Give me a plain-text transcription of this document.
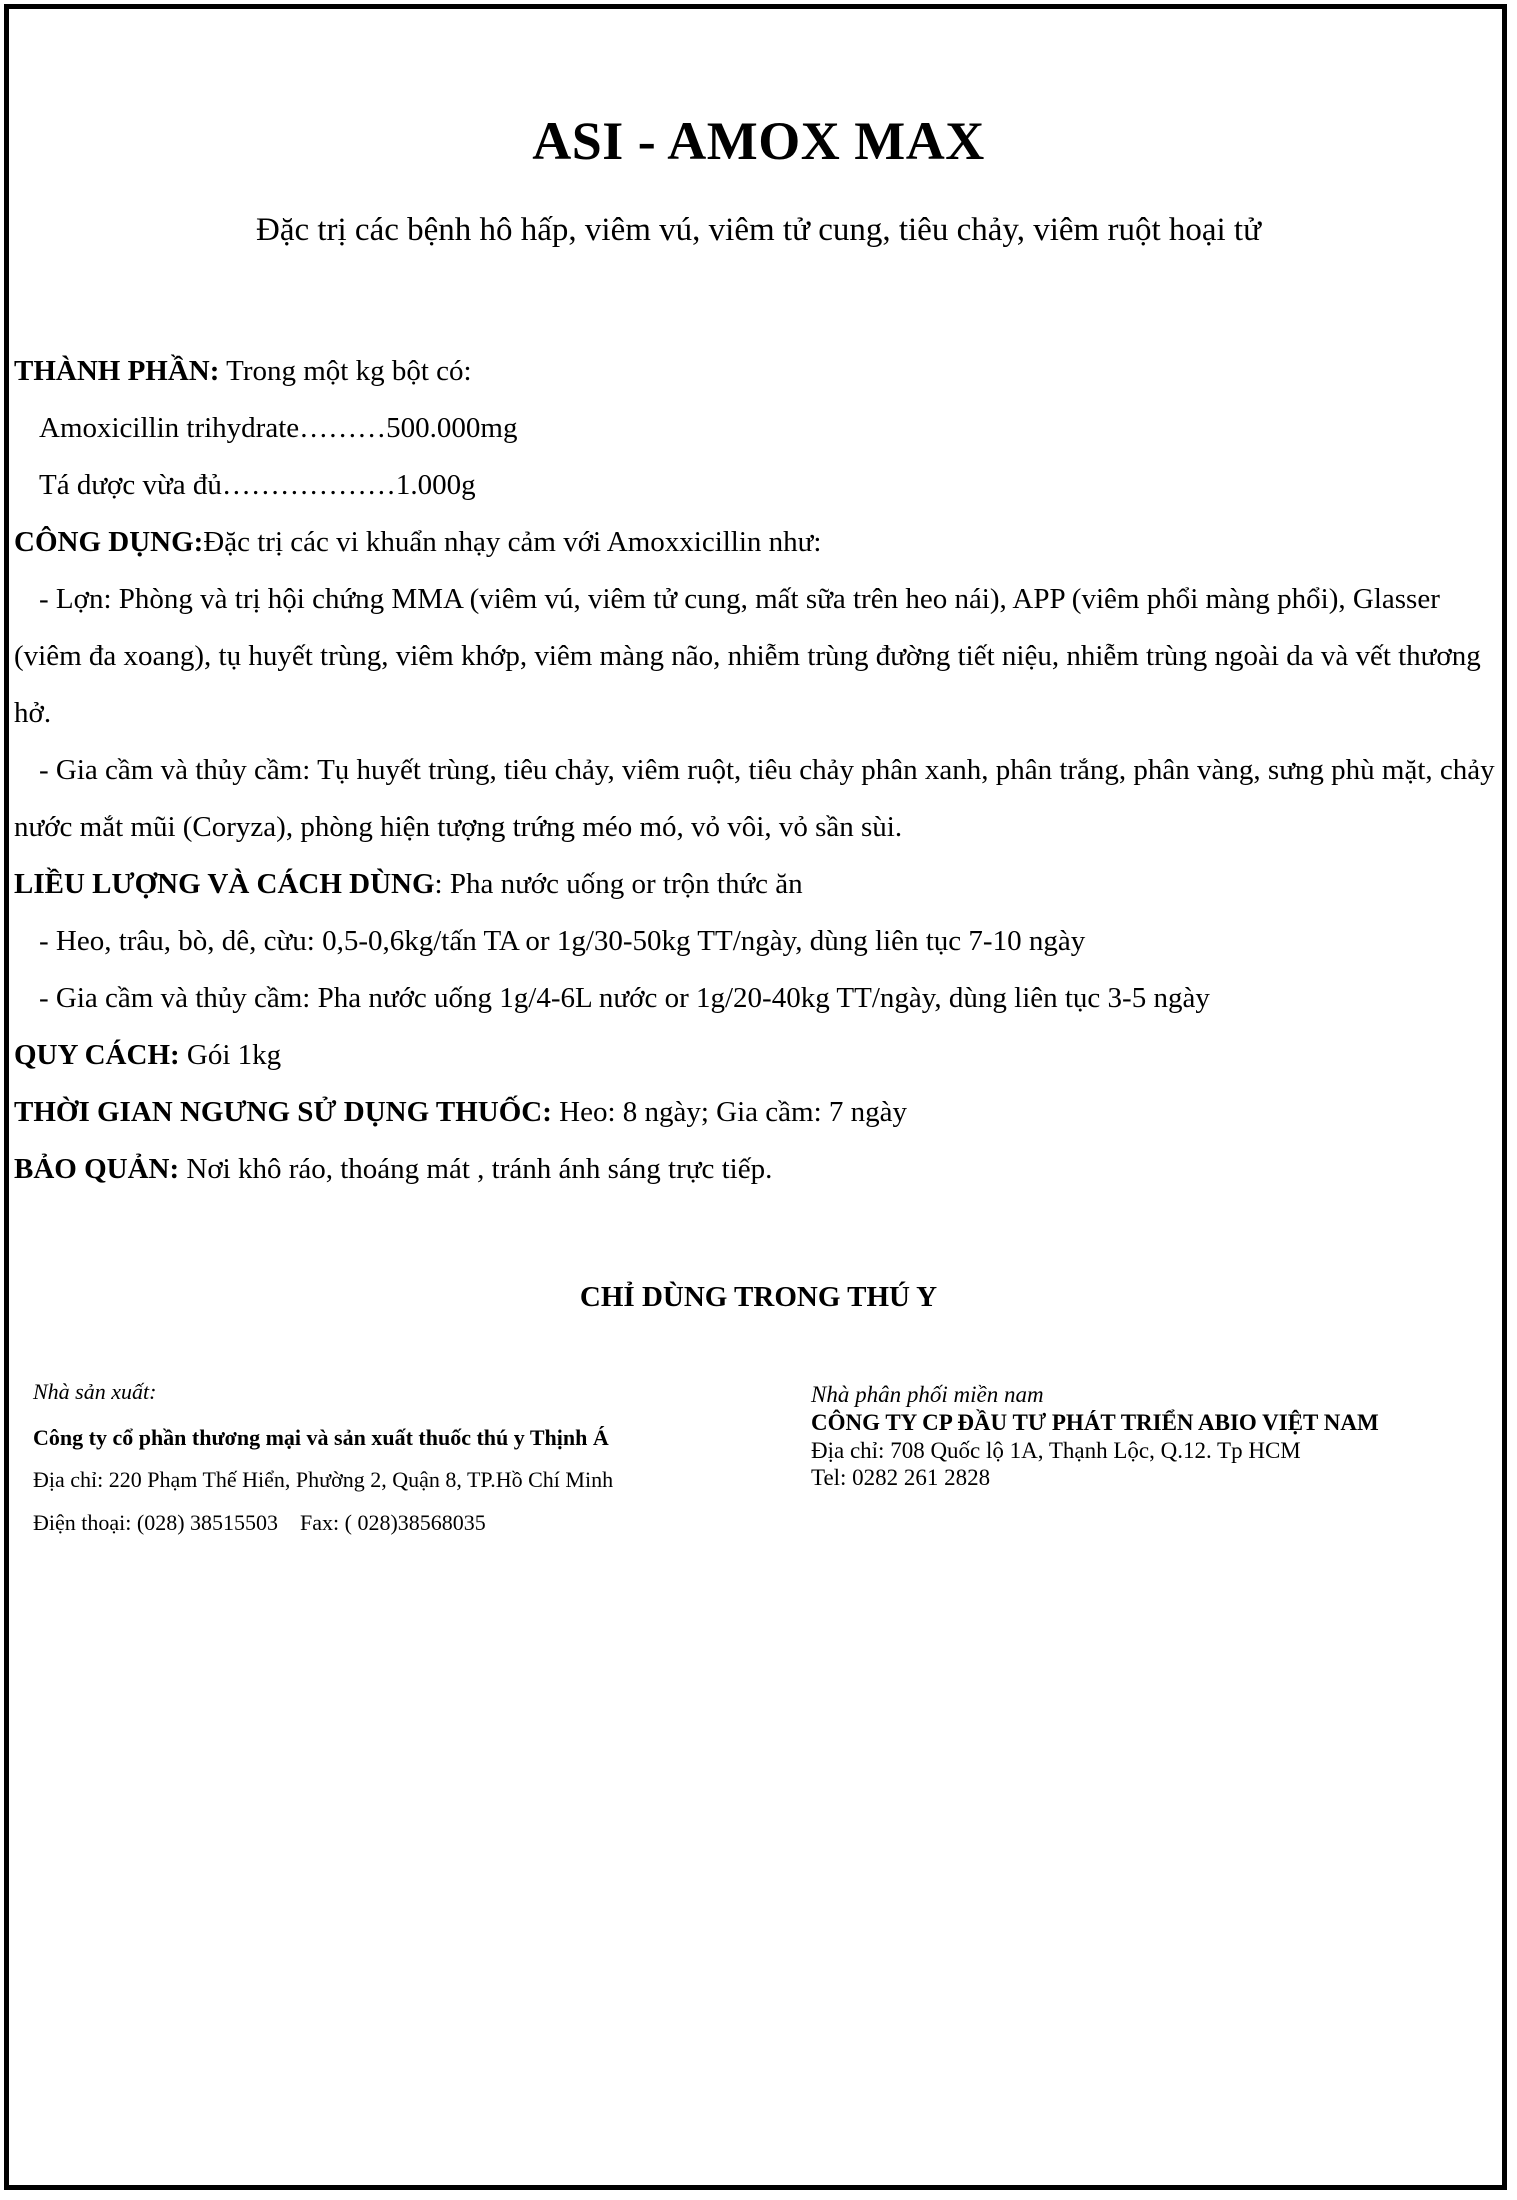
ASI - AMOX MAX
Đặc trị các bệnh hô hấp, viêm vú, viêm tử cung, tiêu chảy, viêm ruột hoại tử
THÀNH PHẦN: Trong một kg bột có:
Amoxicillin trihydrate………500.000mg
Tá dược vừa đủ………………1.000g
CÔNG DỤNG:Đặc trị các vi khuẩn nhạy cảm với Amoxxicillin như:
- Lợn: Phòng và trị hội chứng MMA (viêm vú, viêm tử cung, mất sữa trên heo nái), APP (viêm phổi màng phổi), Glasser (viêm đa xoang), tụ huyết trùng, viêm khớp, viêm màng não, nhiễm trùng đường tiết niệu, nhiễm trùng ngoài da và vết thương hở.
- Gia cầm và thủy cầm: Tụ huyết trùng, tiêu chảy, viêm ruột, tiêu chảy phân xanh, phân trắng, phân vàng, sưng phù mặt, chảy nước mắt mũi (Coryza), phòng hiện tượng trứng méo mó, vỏ vôi, vỏ sần sùi.
LIỀU LƯỢNG VÀ CÁCH DÙNG: Pha nước uống or trộn thức ăn
- Heo, trâu, bò, dê, cừu: 0,5-0,6kg/tấn TA or 1g/30-50kg TT/ngày, dùng liên tục 7-10 ngày
- Gia cầm và thủy cầm: Pha nước uống 1g/4-6L nước or 1g/20-40kg TT/ngày, dùng liên tục 3-5 ngày
QUY CÁCH: Gói 1kg
THỜI GIAN NGƯNG SỬ DỤNG THUỐC: Heo: 8 ngày; Gia cầm: 7 ngày
BẢO QUẢN: Nơi khô ráo, thoáng mát , tránh ánh sáng trực tiếp.
CHỈ DÙNG TRONG THÚ Y
Nhà sản xuất:
Công ty cổ phần thương mại và sản xuất thuốc thú y Thịnh Á
Địa chỉ: 220 Phạm Thế Hiển, Phường 2, Quận 8, TP.Hồ Chí Minh
Điện thoại: (028) 38515503 Fax: ( 028)38568035
Nhà phân phối miền nam
CÔNG TY CP ĐẦU TƯ PHÁT TRIỂN ABIO VIỆT NAM
Địa chỉ: 708 Quốc lộ 1A, Thạnh Lộc, Q.12. Tp HCM
Tel: 0282 261 2828
